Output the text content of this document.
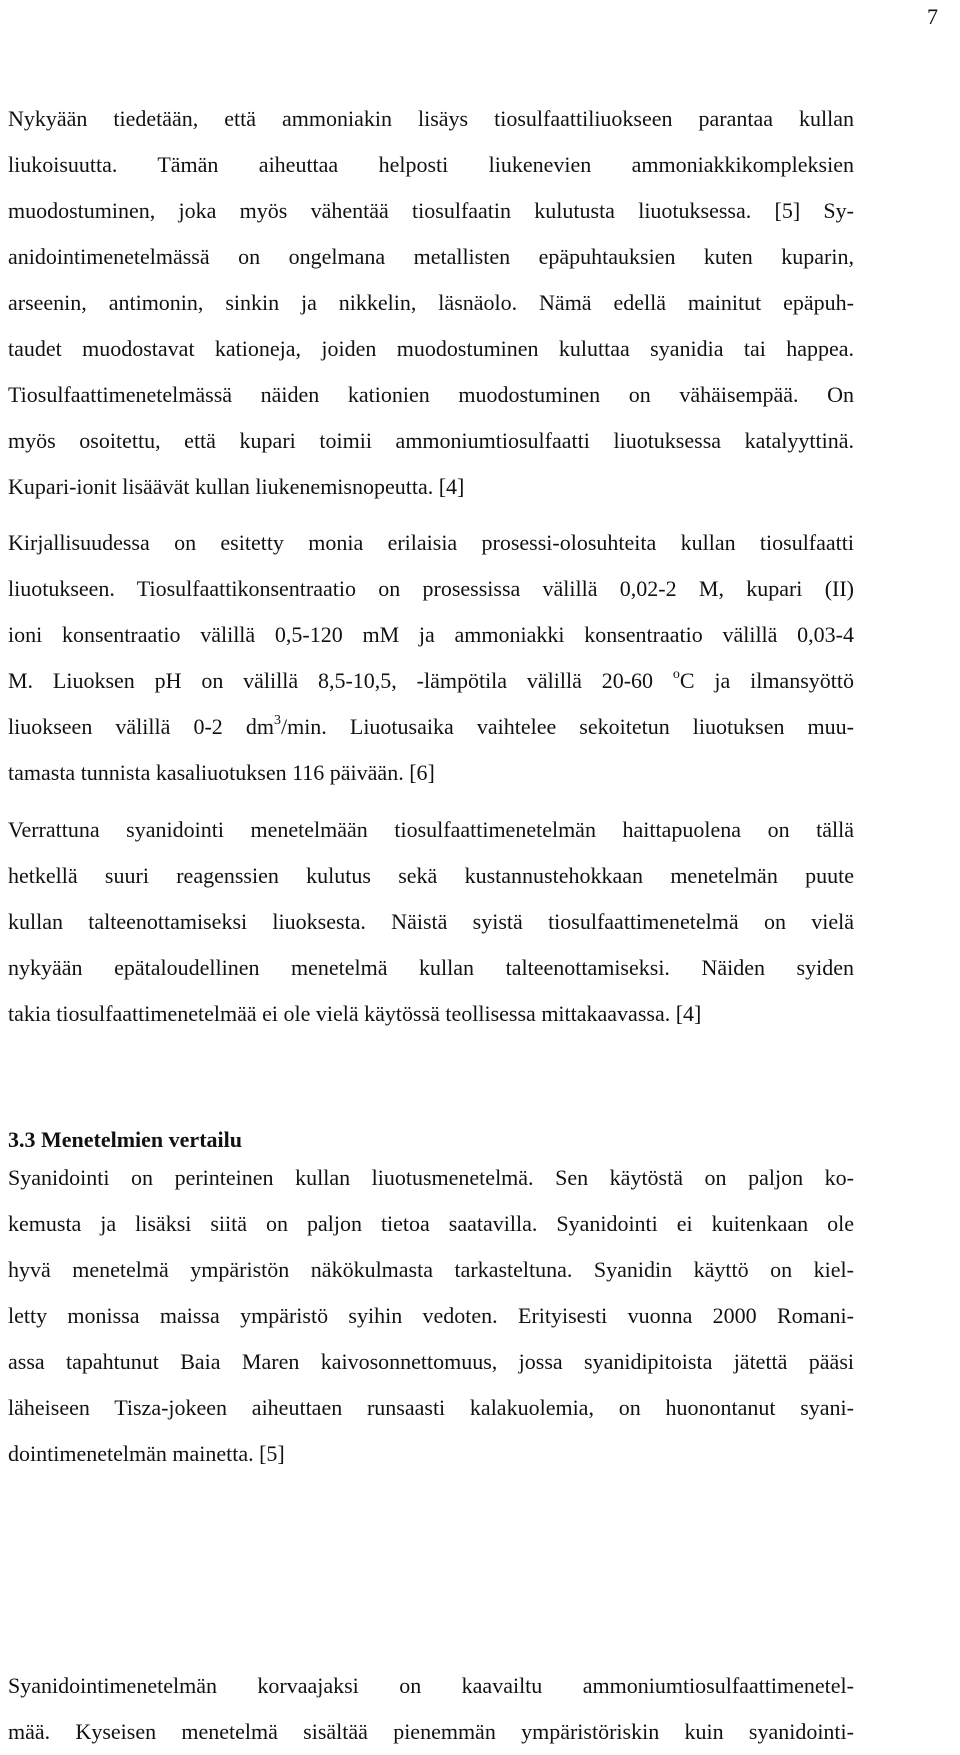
7
Nykyään tiedetään, että ammoniakin lisäys tiosulfaattiliuokseen parantaa kullan
liukoisuutta. Tämän aiheuttaa helposti liukenevien ammoniakkikompleksien
muodostuminen, joka myös vähentää tiosulfaatin kulutusta liuotuksessa. [5] Sy-
anidointimenetelmässä on ongelmana metallisten epäpuhtauksien kuten kuparin,
arseenin, antimonin, sinkin ja nikkelin, läsnäolo. Nämä edellä mainitut epäpuh-
taudet muodostavat kationeja, joiden muodostuminen kuluttaa syanidia tai happea.
Tiosulfaattimenetelmässä näiden kationien muodostuminen on vähäisempää. On
myös osoitettu, että kupari toimii ammoniumtiosulfaatti liuotuksessa katalyyttinä.
Kupari-ionit lisäävät kullan liukenemisnopeutta. [4]
Kirjallisuudessa on esitetty monia erilaisia prosessi-olosuhteita kullan tiosulfaatti
liuotukseen. Tiosulfaattikonsentraatio on prosessissa välillä 0,02-2 M, kupari (II)
ioni konsentraatio välillä 0,5-120 mM ja ammoniakki konsentraatio välillä 0,03-4
M. Liuoksen pH on välillä 8,5-10,5, -lämpötila välillä 20-60 $^o$C ja ilmansyöttö
liuokseen välillä 0-2 $dm^3/\min$. Liuotusaika vaihtelee sekoitetun liuotuksen muu-
tamasta tunnista kasaliuotuksen 116 päivään. [6]
Verrattuna syanidointi menetelmään tiosulfaattimenetelmän haittapuolena on tällä
hetkellä suuri reagenssien kulutus sekä kustannustehokkaan menetelmän puute
kullan talteenottamiseksi liuoksesta. Näistä syistä tiosulfaattimenetelmä on vielä
nykyään epätaloudellinen menetelmä kullan talteenottamiseksi. Näiden syiden
takia tiosulfaattimenetelmää ei ole vielä käytössä teollisessa mittakaavassa. [4]
3.3 Menetelmien vertailu
Syanidointi on perinteinen kullan liuotusmenetelmä. Sen käytöstä on paljon ko-
kemusta ja lisäksi siitä on paljon tietoa saatavilla. Syanidointi ei kuitenkaan ole
hyvä menetelmä ympäristön näkökulmasta tarkasteltuna. Syanidin käyttö on kiel-
letty monissa maissa ympäristö syihin vedoten. Erityisesti vuonna 2000 Romani-
assa tapahtunut Baia Maren kaivosonnettomuus, jossa syanidipitoista jätettä pääsi
läheiseen Tisza-jokeen aiheuttaen runsaasti kalakuolemia, on huonontanut syani-
dointimenetelmän mainetta. [5]
Syanidointimenetelmän korvaajaksi on kaavailtu ammoniumtiosulfaattimenetel-
mää. Kyseisen menetelmä sisältää pienemmän ympäristöriskin kuin syanidointi-
